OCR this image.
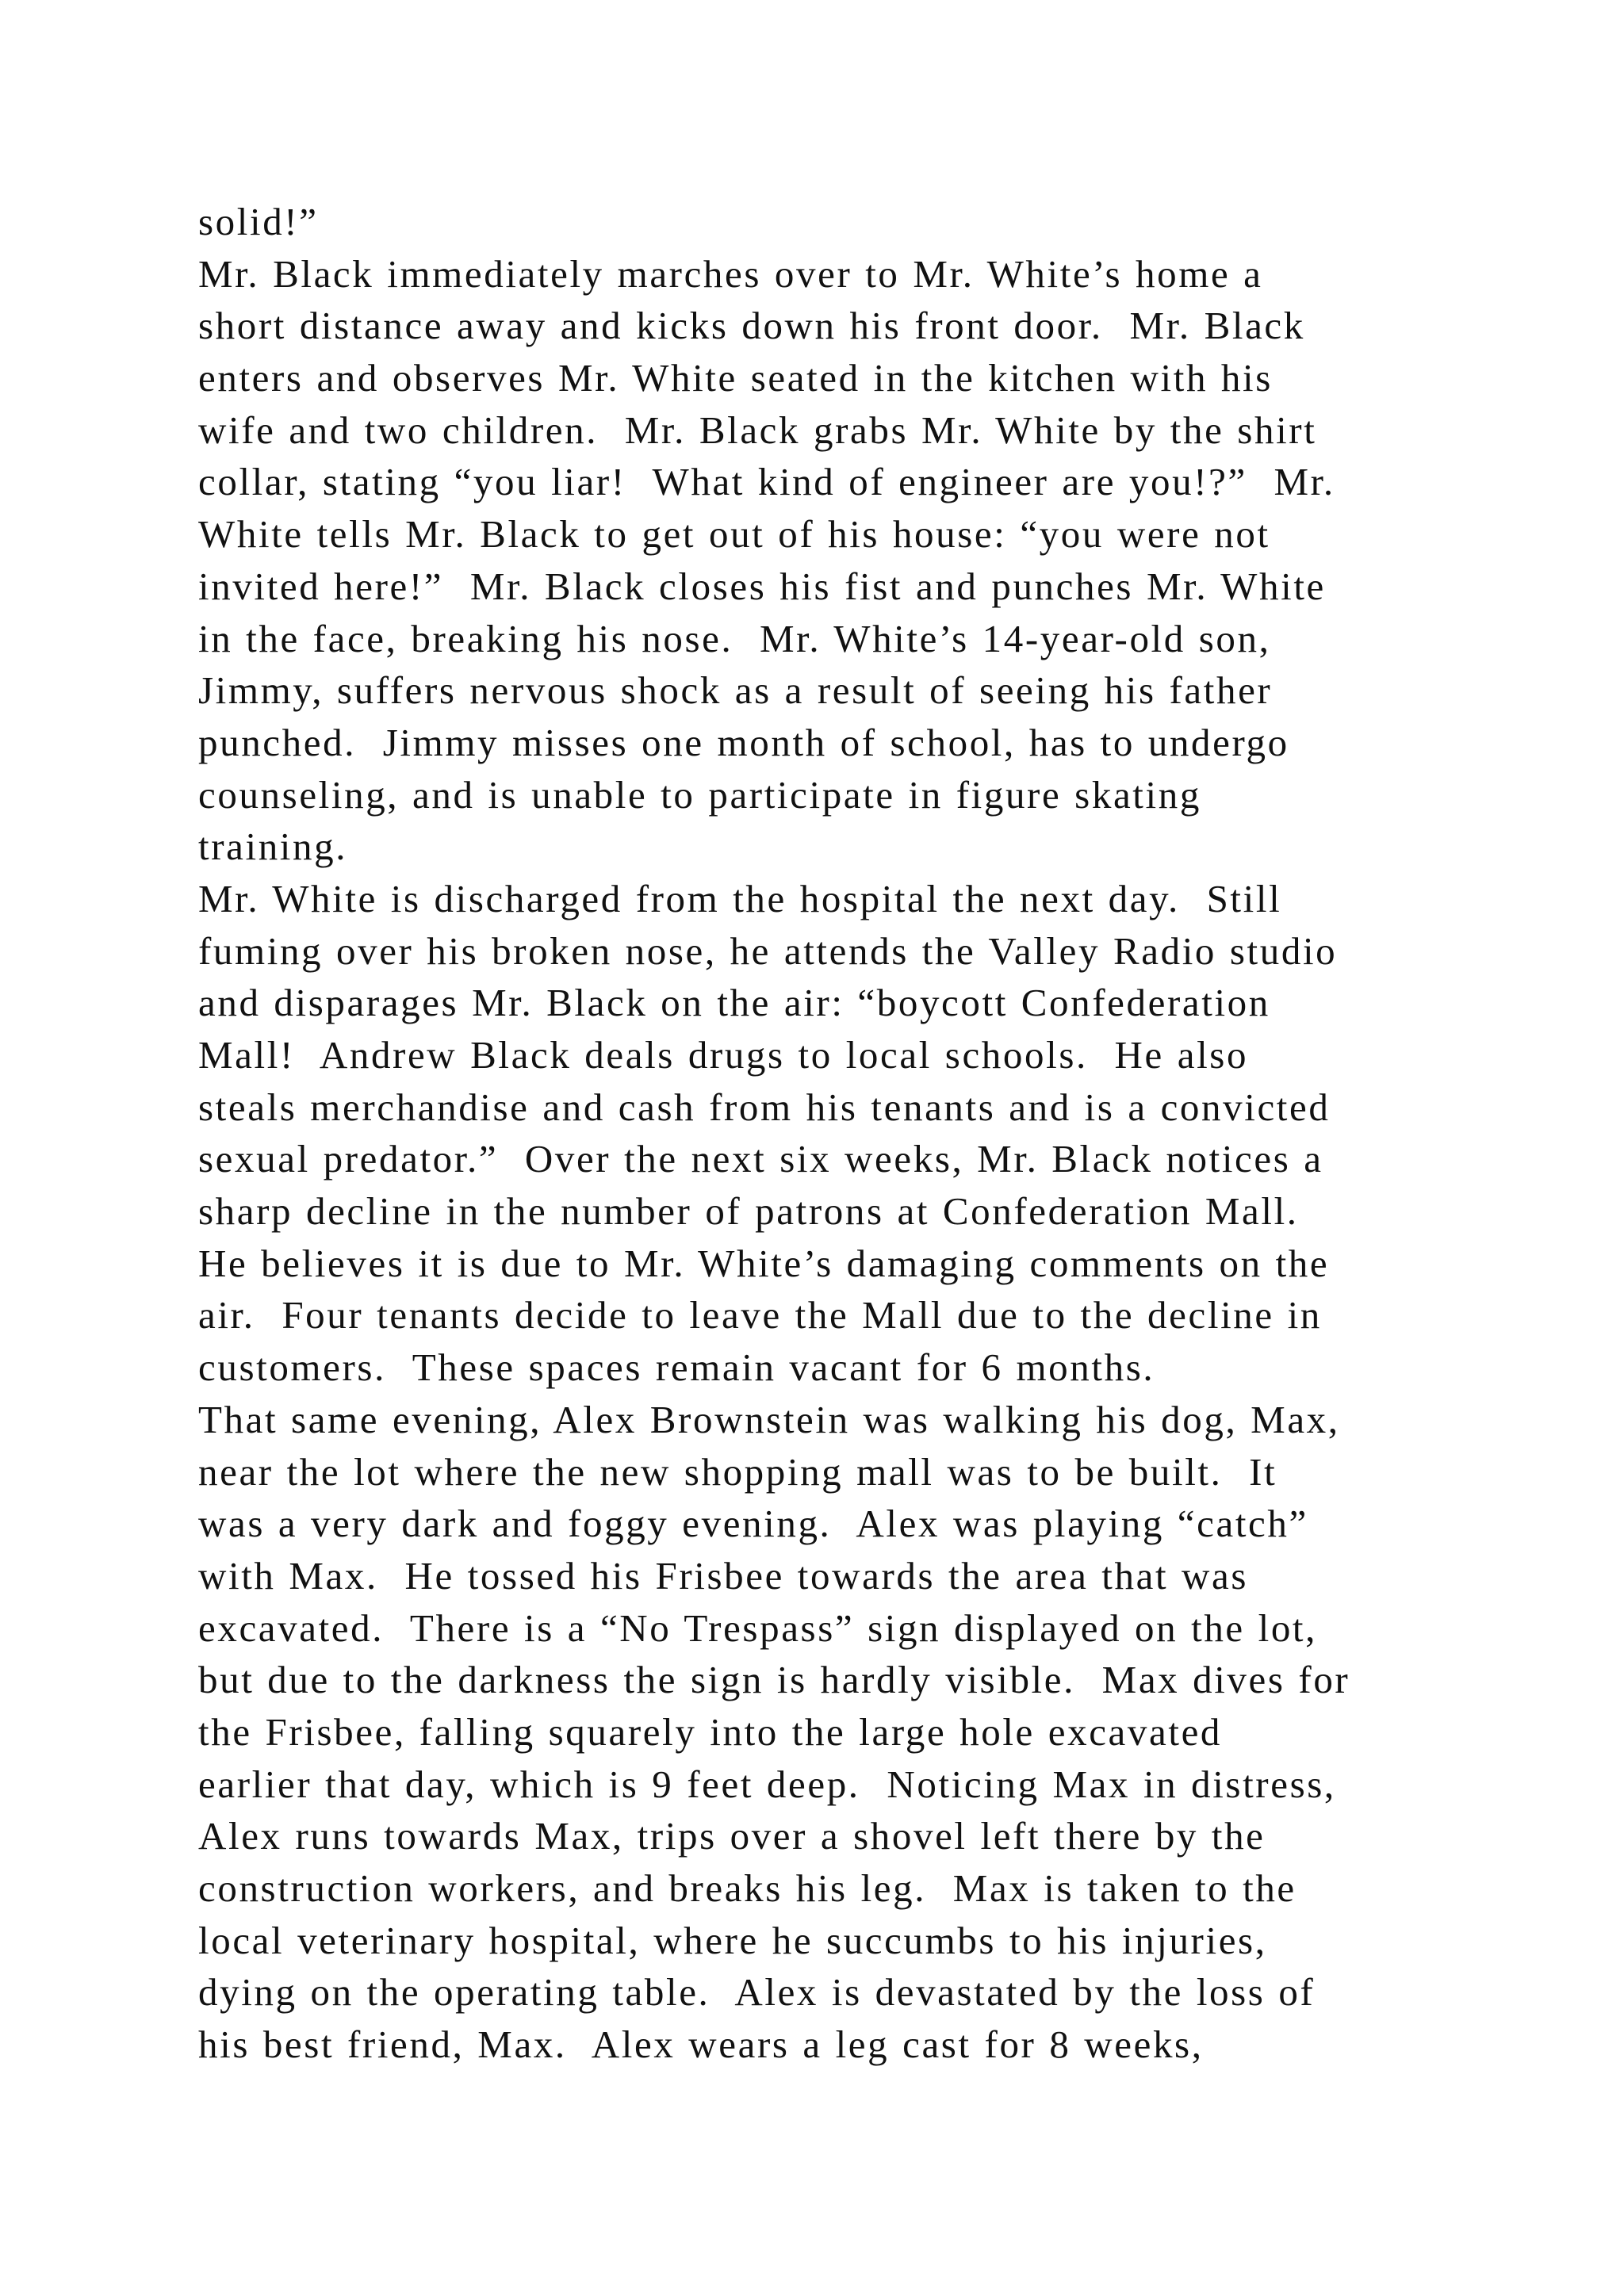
solid!”
Mr. Black immediately marches over to Mr. White’s home a
short distance away and kicks down his front door.  Mr. Black
enters and observes Mr. White seated in the kitchen with his
wife and two children.  Mr. Black grabs Mr. White by the shirt
collar, stating “you liar!  What kind of engineer are you!?”  Mr.
White tells Mr. Black to get out of his house: “you were not
invited here!”  Mr. Black closes his fist and punches Mr. White
in the face, breaking his nose.  Mr. White’s 14-year-old son,
Jimmy, suffers nervous shock as a result of seeing his father
punched.  Jimmy misses one month of school, has to undergo
counseling, and is unable to participate in figure skating
training.
Mr. White is discharged from the hospital the next day.  Still
fuming over his broken nose, he attends the Valley Radio studio
and disparages Mr. Black on the air: “boycott Confederation
Mall!  Andrew Black deals drugs to local schools.  He also
steals merchandise and cash from his tenants and is a convicted
sexual predator.”  Over the next six weeks, Mr. Black notices a
sharp decline in the number of patrons at Confederation Mall.
He believes it is due to Mr. White’s damaging comments on the
air.  Four tenants decide to leave the Mall due to the decline in
customers.  These spaces remain vacant for 6 months.
That same evening, Alex Brownstein was walking his dog, Max,
near the lot where the new shopping mall was to be built.  It
was a very dark and foggy evening.  Alex was playing “catch”
with Max.  He tossed his Frisbee towards the area that was
excavated.  There is a “No Trespass” sign displayed on the lot,
but due to the darkness the sign is hardly visible.  Max dives for
the Frisbee, falling squarely into the large hole excavated
earlier that day, which is 9 feet deep.  Noticing Max in distress,
Alex runs towards Max, trips over a shovel left there by the
construction workers, and breaks his leg.  Max is taken to the
local veterinary hospital, where he succumbs to his injuries,
dying on the operating table.  Alex is devastated by the loss of
his best friend, Max.  Alex wears a leg cast for 8 weeks,
